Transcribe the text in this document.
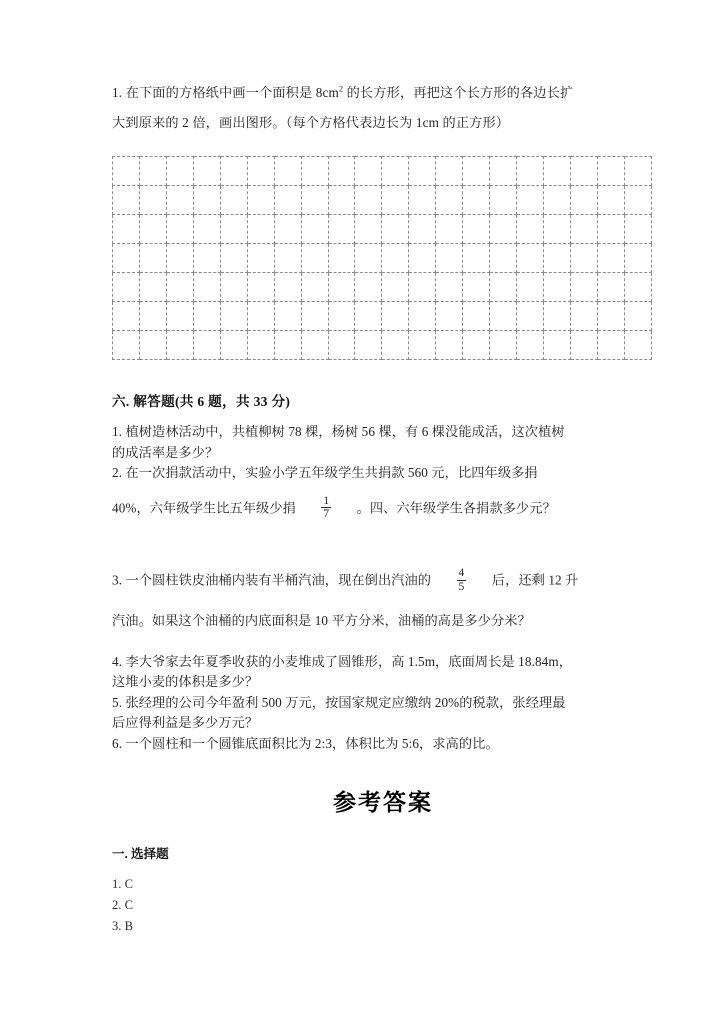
1. 在下面的方格纸中画一个面积是 $8cm^2$ 的长方形，再把这个长方形的各边长扩
大到原来的 2 倍，画出图形。（每个方格代表边长为 1cm 的正方形）

六. 解答题(共 6 题，共 33 分)
1. 植树造林活动中，共植柳树 78 棵，杨树 56 棵，有 6 棵没能成活，这次植树
的成活率是多少？
2. 在一次捐款活动中，实验小学五年级学生共捐款 560 元，比四年级多捐
40%，六年级学生比五年级少捐 $\frac{1}{7}$ 。四、六年级学生各捐款多少元？
3. 一个圆柱铁皮油桶内装有半桶汽油，现在倒出汽油的 $\frac{4}{5}$ 后，还剩 12 升
汽油。如果这个油桶的内底面积是 10 平方分米，油桶的高是多少分米？
4. 李大爷家去年夏季收获的小麦堆成了圆锥形，高 1.5m，底面周长是 18.84m，
这堆小麦的体积是多少？
5. 张经理的公司今年盈利 500 万元，按国家规定应缴纳 20%的税款，张经理最
后应得利益是多少万元？
6. 一个圆柱和一个圆锥底面积比为 2:3，体积比为 5:6，求高的比。
参考答案
一. 选择题
1. C
2. C
3. B
